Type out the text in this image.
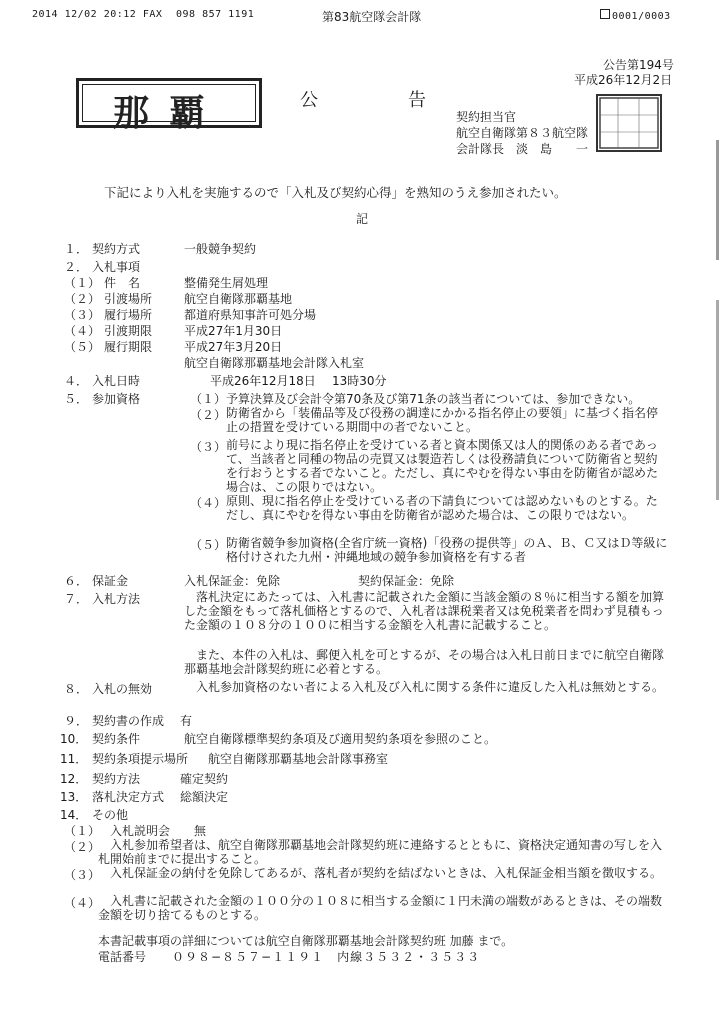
2014 12/02 20:12 FAX 098 857 1191	第83航空隊会計隊	0001/0003
公告第194号
平成26年12月2日
那覇	公　告
契約担当官
航空自衛隊第８３航空隊
会計隊長　淡　島　　一
下記により入札を実施するので「入札及び契約心得」を熟知のうえ参加されたい。
記
１． 契約方式	一般競争契約
２． 入札事項
（１） 件　名	整備発生屑処理
（２） 引渡場所	航空自衛隊那覇基地
（３） 履行場所	都道府県知事許可処分場
（４） 引渡期限	平成27年1月30日
（５） 履行期限	平成27年3月20日
航空自衛隊那覇基地会計隊入札室
４． 入札日時	平成26年12月18日 13時30分
５． 参加資格	（１） 予算決算及び会計令第70条及び第71条の該当者については、参加できない。
（２） 防衛省から「装備品等及び役務の調達にかかる指名停止の要領」に基づく指名停止の措置を受けている期間中の者でないこと。
（３） 前号により現に指名停止を受けている者と資本関係又は人的関係のある者であって、当該者と同種の物品の売買又は製造若しくは役務請負について防衛省と契約を行おうとする者でないこと。ただし、真にやむを得ない事由を防衛省が認めた場合は、この限りではない。
（４） 原則、現に指名停止を受けている者の下請負については認めないものとする。ただし、真にやむを得ない事由を防衛省が認めた場合は、この限りではない。
（５） 防衛省競争参加資格(全省庁統一資格)「役務の提供等」のＡ、Ｂ、Ｃ又はＤ等級に格付けされた九州・沖縄地域の競争参加資格を有する者
６． 保証金	入札保証金：免除	契約保証金：免除
７． 入札方法	落札決定にあたっては、入札書に記載された金額に当該金額の８％に相当する額を加算した金額をもって落札価格とするので、入札者は課税業者又は免税業者を問わず見積もった金額の１０８分の１００に相当する金額を入札書に記載すること。
また、本件の入札は、郵便入札を可とするが、その場合は入札日前日までに航空自衛隊那覇基地会計隊契約班に必着とする。
８． 入札の無効	入札参加資格のない者による入札及び入札に関する条件に違反した入札は無効とする。
９． 契約書の作成 有
10． 契約条件	航空自衛隊標準契約条項及び適用契約条項を参照のこと。
11． 契約条項提示場所 航空自衛隊那覇基地会計隊事務室
12． 契約方法	確定契約
13． 落札決定方式 総額決定
14． その他
（１） 入札説明会　　無
（２） 入札参加希望者は、航空自衛隊那覇基地会計隊契約班に連絡するとともに、資格決定通知書の写しを入札開始前までに提出すること。
（３） 入札保証金の納付を免除してあるが、落札者が契約を結ばないときは、入札保証金相当額を徴収する。
（４） 入札書に記載された金額の１００分の１０８に相当する金額に１円未満の端数があるときは、その端数金額を切り捨てるものとする。
本書記載事項の詳細については航空自衛隊那覇基地会計隊契約班 加藤 まで。
電話番号 ０９８−８５７−１１９１　内線３５３２・３５３３
